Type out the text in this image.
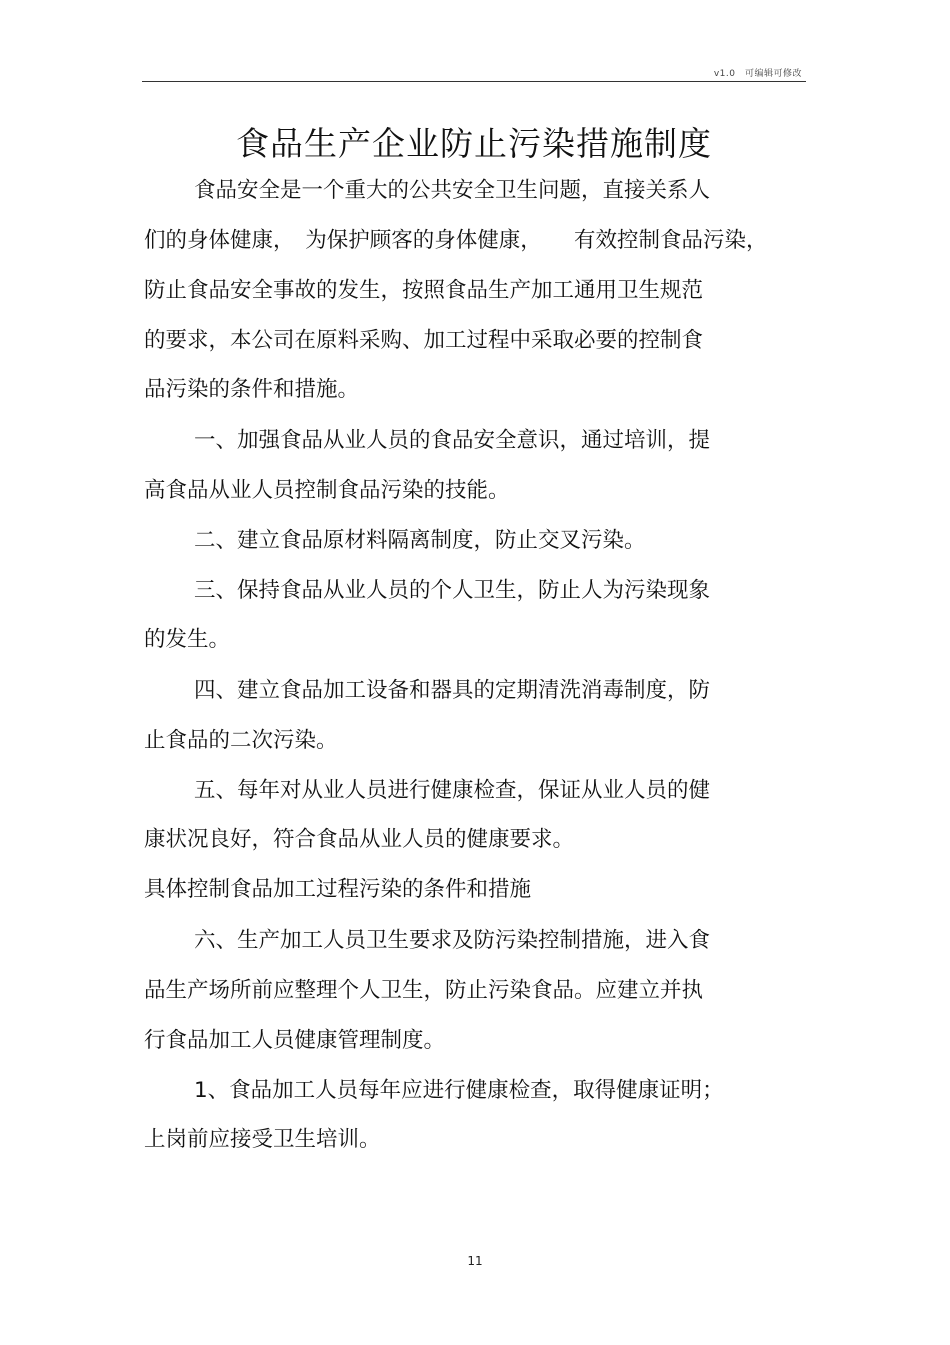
v1.0　可编辑可修改
食品生产企业防止污染措施制度
食品安全是一个重大的公共安全卫生问题，直接关系人
们的身体健康，　为保护顾客的身体健康，　　有效控制食品污染，
防止食品安全事故的发生，按照食品生产加工通用卫生规范
的要求，本公司在原料采购、加工过程中采取必要的控制食
品污染的条件和措施。
一、加强食品从业人员的食品安全意识，通过培训，提
高食品从业人员控制食品污染的技能。
二、建立食品原材料隔离制度，防止交叉污染。
三、保持食品从业人员的个人卫生，防止人为污染现象
的发生。
四、建立食品加工设备和器具的定期清洗消毒制度，防
止食品的二次污染。
五、每年对从业人员进行健康检查，保证从业人员的健
康状况良好，符合食品从业人员的健康要求。
具体控制食品加工过程污染的条件和措施
六、生产加工人员卫生要求及防污染控制措施，进入食
品生产场所前应整理个人卫生，防止污染食品。应建立并执
行食品加工人员健康管理制度。
1、食品加工人员每年应进行健康检查，取得健康证明；
上岗前应接受卫生培训。
11
